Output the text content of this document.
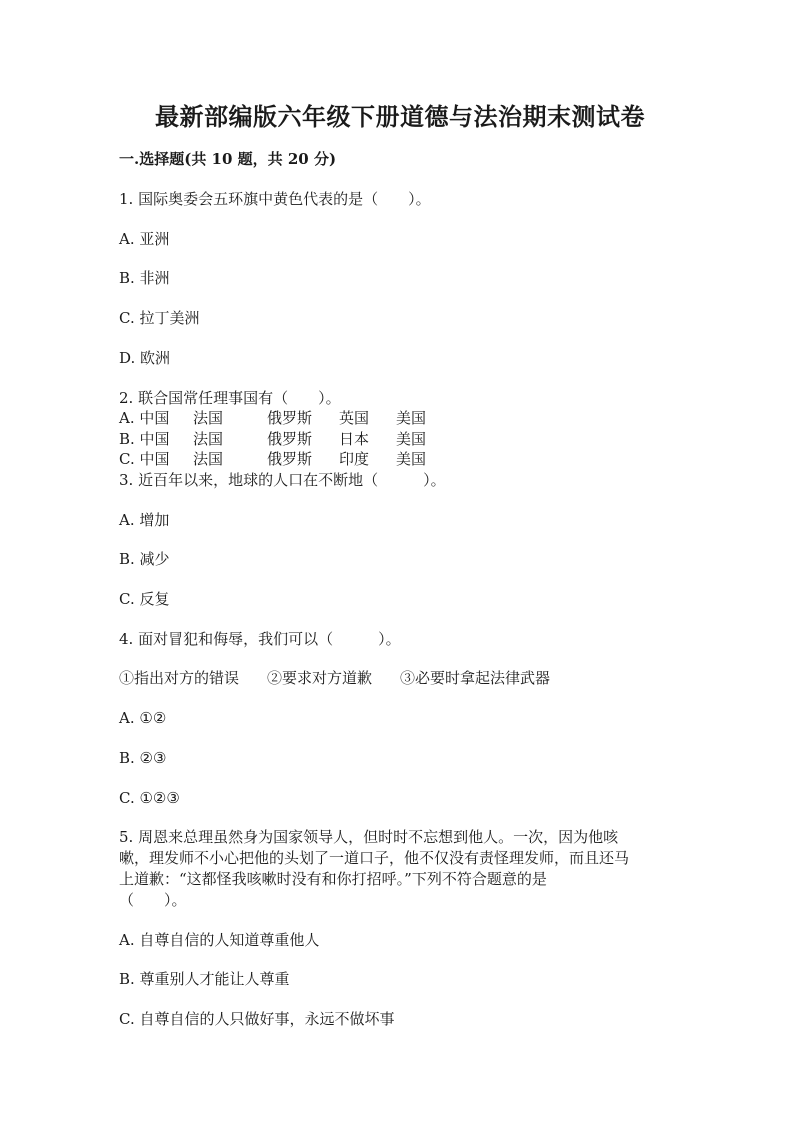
最新部编版六年级下册道德与法治期末测试卷
一.选择题(共 10 题，共 20 分)
1. 国际奥委会五环旗中黄色代表的是（　　）。
A. 亚洲
B. 非洲
C. 拉丁美洲
D. 欧洲
2. 联合国常任理事国有（　　）。
A. 中国 法国	俄罗斯 英国 美国
B. 中国 法国	俄罗斯 日本 美国
C. 中国 法国	俄罗斯 印度 美国
3. 近百年以来，地球的人口在不断地（　　　）。
A. 增加
B. 减少
C. 反复
4. 面对冒犯和侮辱，我们可以（　　　）。
①指出对方的错误 ②要求对方道歉 ③必要时拿起法律武器
A. ①②
B. ②③
C. ①②③
5. 周恩来总理虽然身为国家领导人，但时时不忘想到他人。一次，因为他咳
嗽，理发师不小心把他的头划了一道口子，他不仅没有责怪理发师，而且还马
上道歉：“这都怪我咳嗽时没有和你打招呼。”下列不符合题意的是
（　　）。
A. 自尊自信的人知道尊重他人
B. 尊重别人才能让人尊重
C. 自尊自信的人只做好事，永远不做坏事
